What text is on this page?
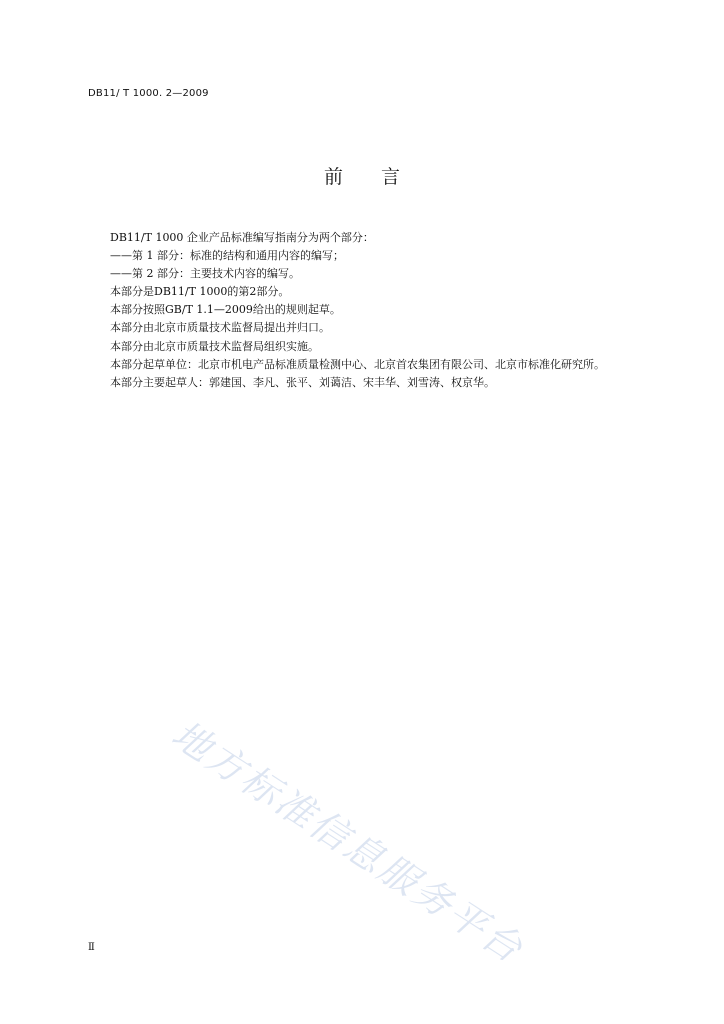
DB11/ T 1000. 2—2009
前言

DB11/T 1000 企业产品标准编写指南分为两个部分：

——第 1 部分：标准的结构和通用内容的编写；

——第 2 部分：主要技术内容的编写。

本部分是DB11/T 1000的第2部分。

本部分按照GB/T 1.1—2009给出的规则起草。

本部分由北京市质量技术监督局提出并归口。

本部分由北京市质量技术监督局组织实施。

本部分起草单位：北京市机电产品标准质量检测中心、北京首农集团有限公司、北京市标准化研究所。

本部分主要起草人：郭建国、李凡、张平、刘蔼洁、宋丰华、刘雪涛、权京华。

地方标准信息服务平台
Ⅱ
